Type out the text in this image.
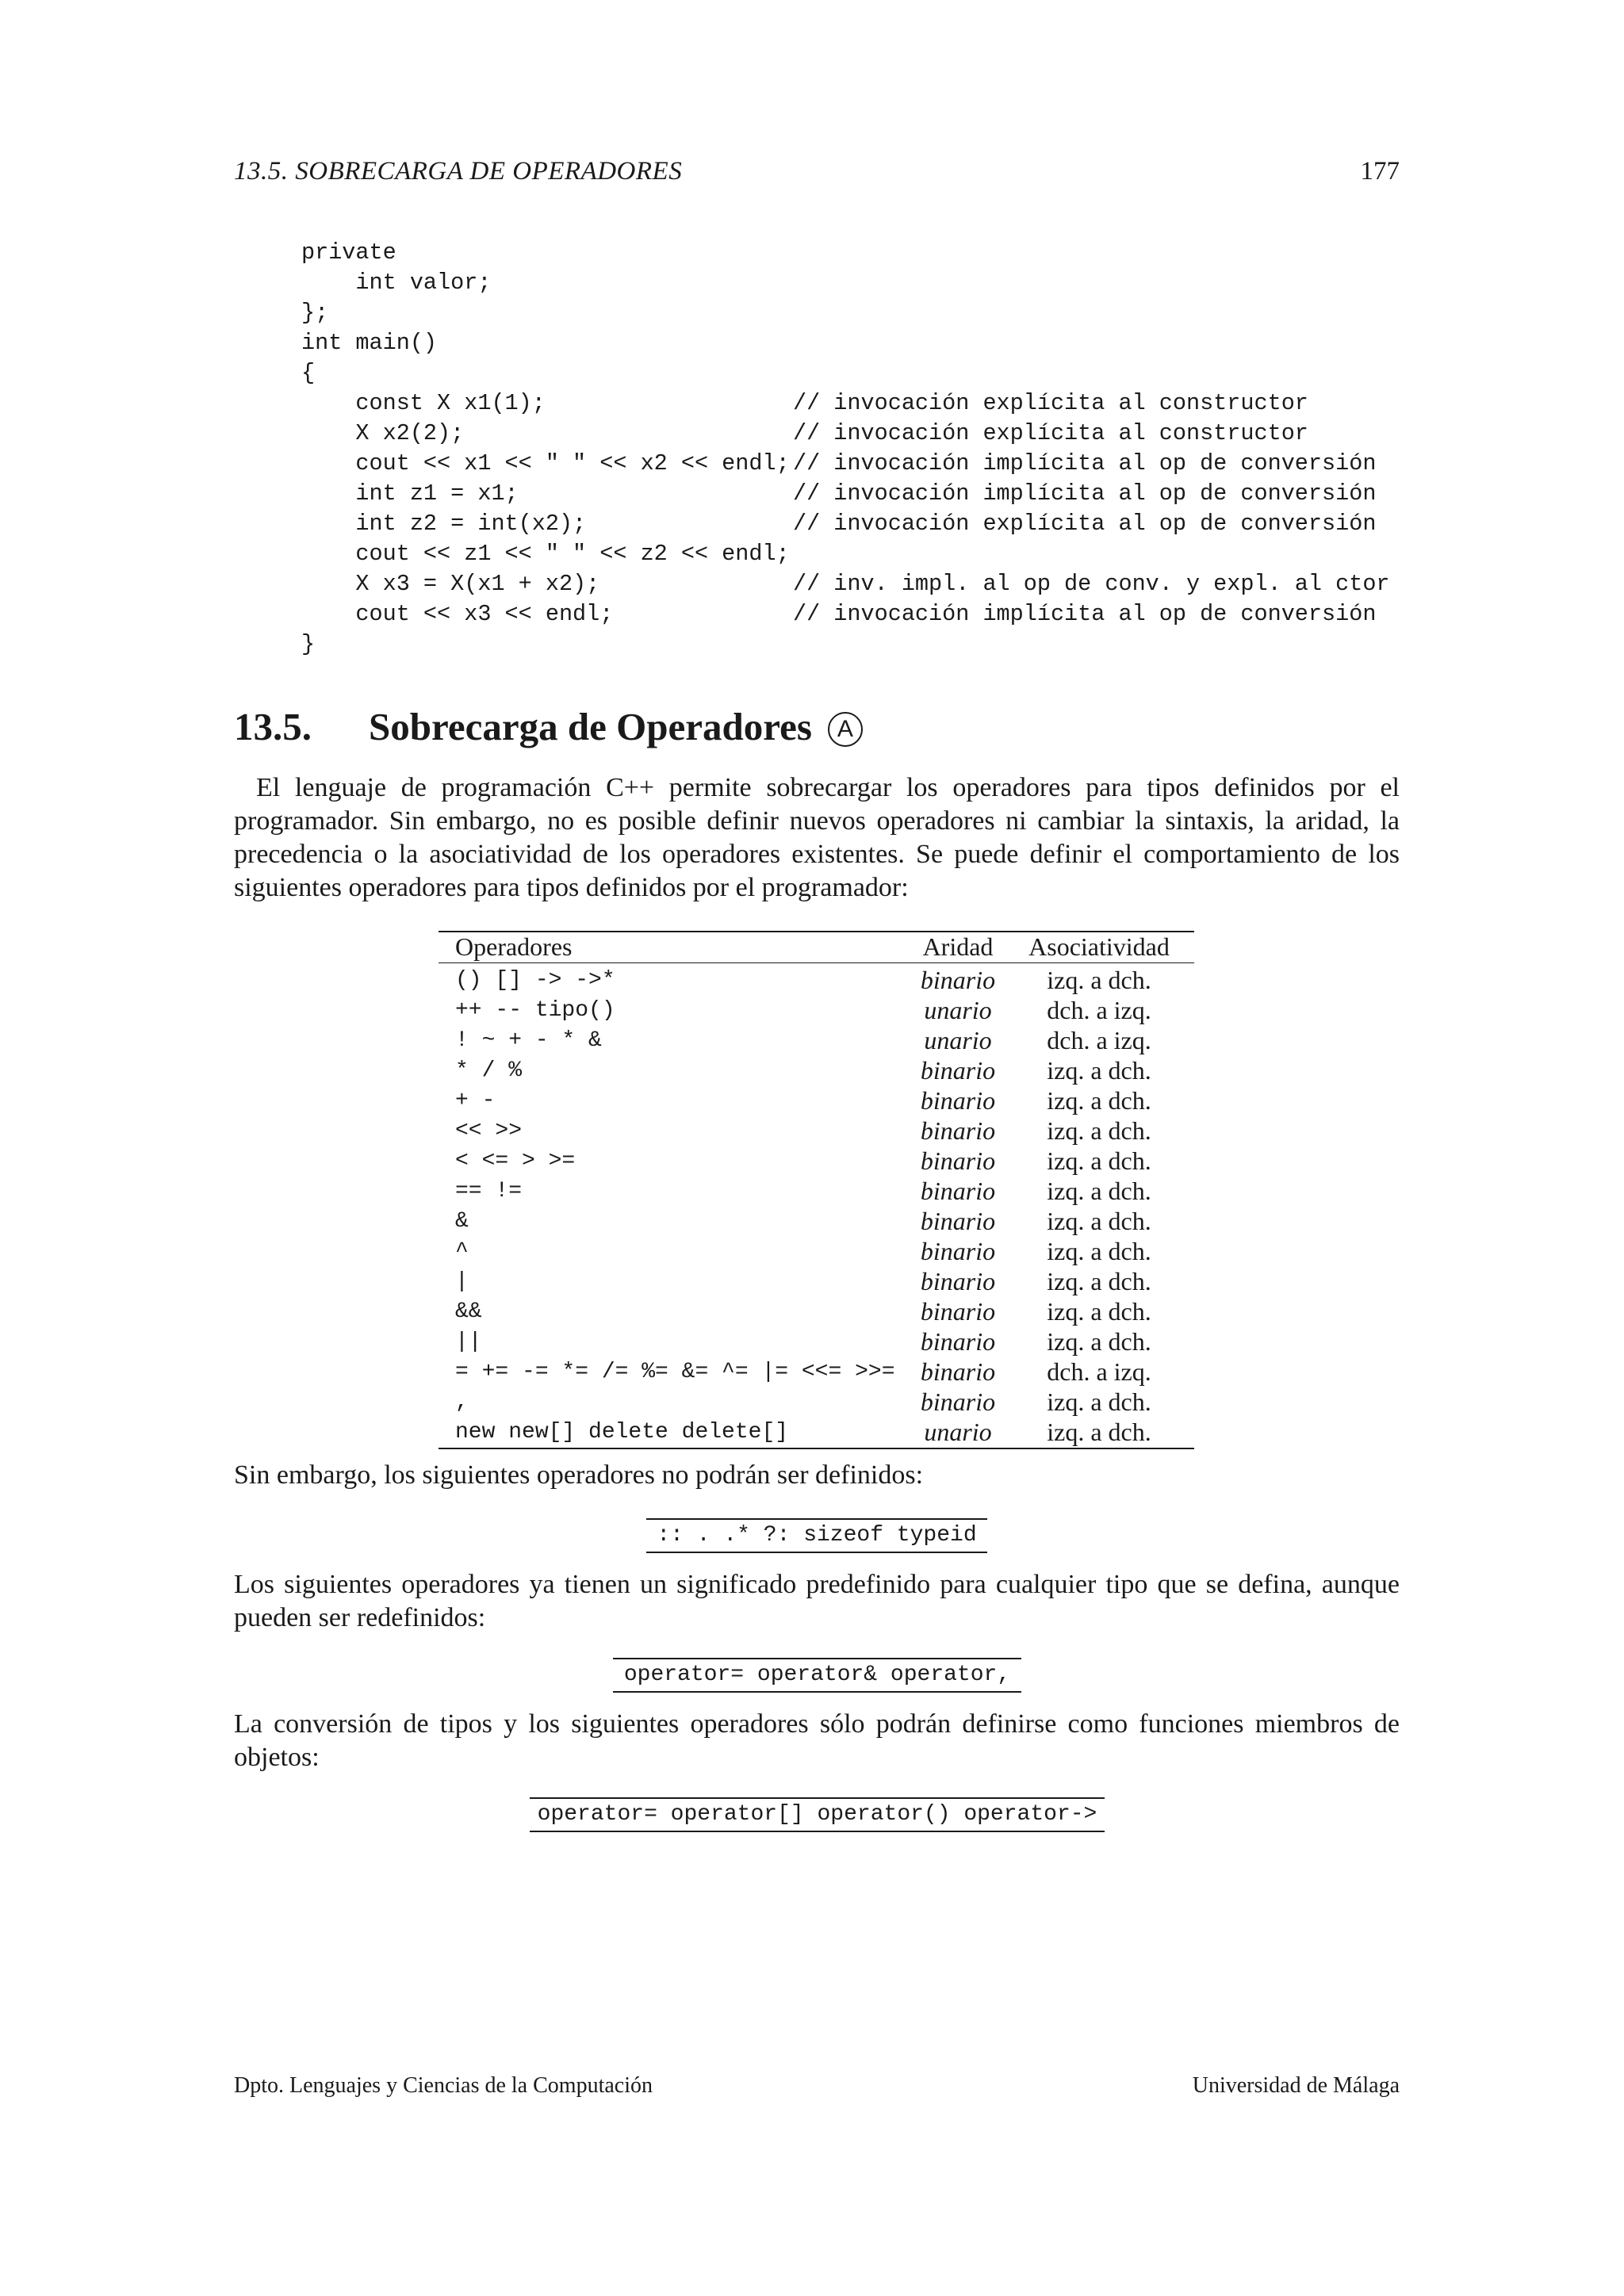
13.5. SOBRECARGA DE OPERADORES	177
private
int valor;
};
int main()
{
const X x1(1);	// invocación explícita al constructor
X x2(2);	// invocación explícita al constructor
cout << x1 << " " << x2 << endl; // invocación implícita al op de conversión
int z1 = x1;	// invocación implícita al op de conversión
int z2 = int(x2);	// invocación explícita al op de conversión
cout << z1 << " " << z2 << endl;
X x3 = X(x1 + x2);	// inv. impl. al op de conv. y expl. al ctor
cout << x3 << endl;	// invocación implícita al op de conversión
}
13.5. Sobrecarga de Operadores A
El lenguaje de programación C++ permite sobrecargar los operadores para tipos definidos por el programador. Sin embargo, no es posible definir nuevos operadores ni cambiar la sintaxis, la aridad, la precedencia o la asociatividad de los operadores existentes. Se puede definir el comportamiento de los siguientes operadores para tipos definidos por el programador:
Operadores	Aridad	Asociatividad
() [] -> ->*	binario	izq. a dch.
++ -- tipo()	unario	dch. a izq.
! ~ + - * &	unario	dch. a izq.
* / %	binario	izq. a dch.
+ -	binario	izq. a dch.
<< >>	binario	izq. a dch.
< <= > >=	binario	izq. a dch.
== !=	binario	izq. a dch.
&	binario	izq. a dch.
^	binario	izq. a dch.
|	binario	izq. a dch.
&&	binario	izq. a dch.
||	binario	izq. a dch.
= += -= *= /= %= &= ^= |= <<= >>=	binario	dch. a izq.
,	binario	izq. a dch.
new new[] delete delete[]	unario	izq. a dch.
Sin embargo, los siguientes operadores no podrán ser definidos:
:: . .* ?: sizeof typeid
Los siguientes operadores ya tienen un significado predefinido para cualquier tipo que se defina, aunque pueden ser redefinidos:
operator= operator& operator,
La conversión de tipos y los siguientes operadores sólo podrán definirse como funciones miembros de objetos:
operator= operator[] operator() operator->
Dpto. Lenguajes y Ciencias de la Computación	Universidad de Málaga
